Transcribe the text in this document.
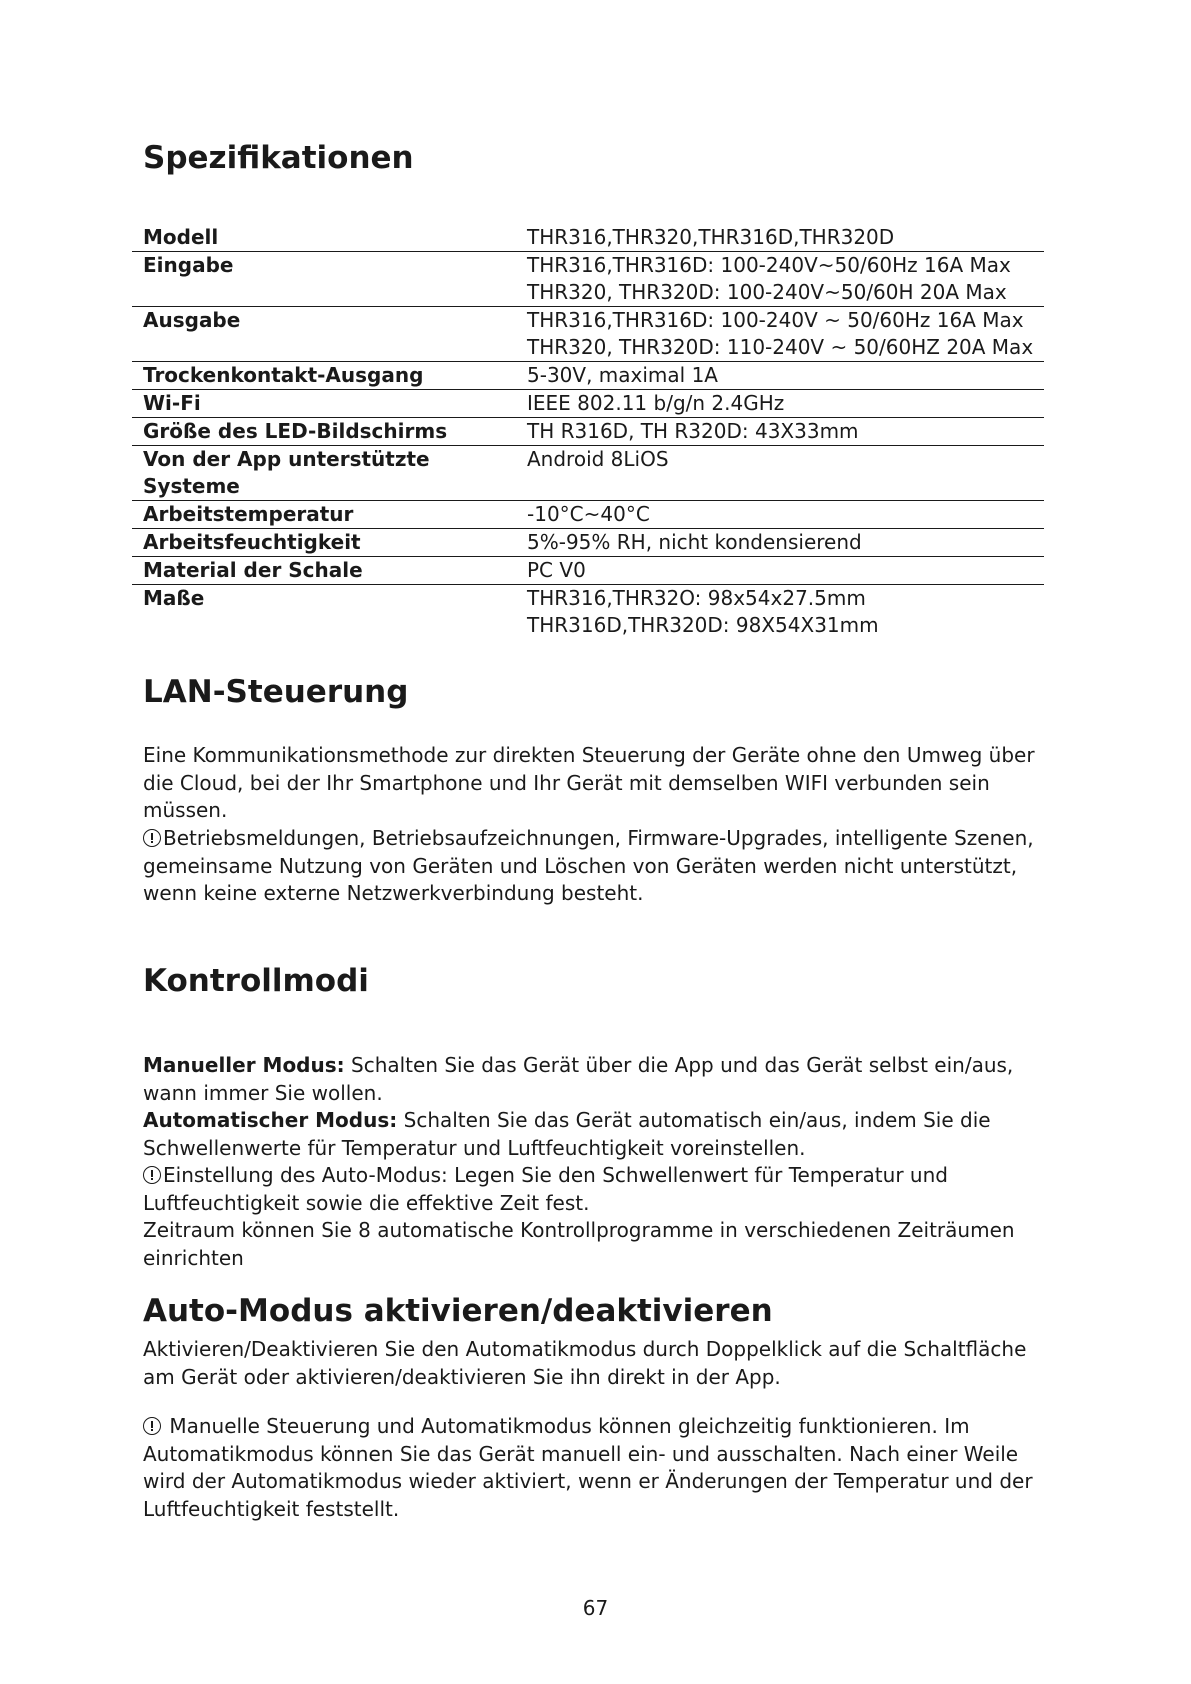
Spezifikationen
Modell	THR316,THR320,THR316D,THR320D

Eingabe	THR316,THR316D: 100-240V~50/60Hz 16A Max
THR320, THR320D: 100-240V~50/60H 20A Max

Ausgabe	THR316,THR316D: 100-240V ~ 50/60Hz 16A Max
THR320, THR320D: 110-240V ~ 50/60HZ 20A Max

Trockenkontakt-Ausgang	5-30V, maximal 1A

Wi-Fi	IEEE 802.11 b/g/n 2.4GHz

Größe des LED-Bildschirms	TH R316D, TH R320D: 43X33mm

Von der App unterstützte Systeme	Android 8LiOS

Arbeitstemperatur	-10°C~40°C

Arbeitsfeuchtigkeit	5%-95% RH, nicht kondensierend

Material der Schale	PC V0

Maße	THR316,THR32O: 98x54x27.5mm
THR316D,THR320D: 98X54X31mm
LAN-Steuerung
Eine Kommunikationsmethode zur direkten Steuerung der Geräte ohne den Umweg über
die Cloud, bei der Ihr Smartphone und Ihr Gerät mit demselben WIFI verbunden sein
müssen.
Betriebsmeldungen, Betriebsaufzeichnungen, Firmware-Upgrades, intelligente Szenen,
gemeinsame Nutzung von Geräten und Löschen von Geräten werden nicht unterstützt,
wenn keine externe Netzwerkverbindung besteht.
Kontrollmodi
Manueller Modus: Schalten Sie das Gerät über die App und das Gerät selbst ein/aus,
wann immer Sie wollen.
Automatischer Modus: Schalten Sie das Gerät automatisch ein/aus, indem Sie die
Schwellenwerte für Temperatur und Luftfeuchtigkeit voreinstellen.
Einstellung des Auto-Modus: Legen Sie den Schwellenwert für Temperatur und
Luftfeuchtigkeit sowie die effektive Zeit fest.
Zeitraum können Sie 8 automatische Kontrollprogramme in verschiedenen Zeiträumen
einrichten
Auto-Modus aktivieren/deaktivieren
Aktivieren/Deaktivieren Sie den Automatikmodus durch Doppelklick auf die Schaltfläche
am Gerät oder aktivieren/deaktivieren Sie ihn direkt in der App.
Manuelle Steuerung und Automatikmodus können gleichzeitig funktionieren. Im
Automatikmodus können Sie das Gerät manuell ein- und ausschalten. Nach einer Weile
wird der Automatikmodus wieder aktiviert, wenn er Änderungen der Temperatur und der
Luftfeuchtigkeit feststellt.
67
